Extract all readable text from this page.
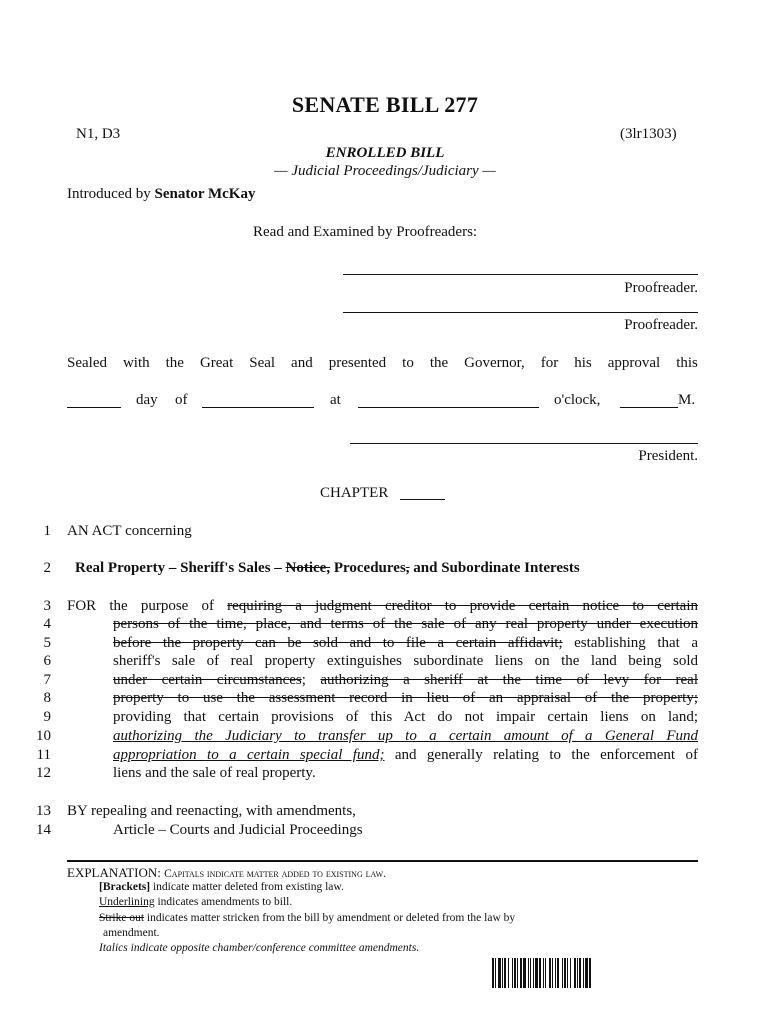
SENATE BILL 277
N1, D3	(3lr1303)
ENROLLED BILL
— Judicial Proceedings/Judiciary —
Introduced by Senator McKay
Read and Examined by Proofreaders:
Proofreader.
Proofreader.
Sealed with the Great Seal and presented to the Governor, for his approval this
day of	at	o'clock,	M.
President.
CHAPTER
1
2
3
4
5
6
7
8
9
10
11
12
13
14
AN ACT concerning
Real Property – Sheriff's Sales – Notice, Procedures, and Subordinate Interests
FOR the purpose of requiring a judgment creditor to provide certain notice to certain
persons of the time, place, and terms of the sale of any real property under execution
before the property can be sold and to file a certain affidavit; establishing that a
sheriff's sale of real property extinguishes subordinate liens on the land being sold
under certain circumstances; authorizing a sheriff at the time of levy for real
property to use the assessment record in lieu of an appraisal of the property;
providing that certain provisions of this Act do not impair certain liens on land;
authorizing the Judiciary to transfer up to a certain amount of a General Fund
appropriation to a certain special fund; and generally relating to the enforcement of
liens and the sale of real property.
BY repealing and reenacting, with amendments,
Article – Courts and Judicial Proceedings
EXPLANATION: Capitals indicate matter added to existing law.
[Brackets] indicate matter deleted from existing law.
Underlining indicates amendments to bill.
Strike out indicates matter stricken from the bill by amendment or deleted from the law by
amendment.
Italics indicate opposite chamber/conference committee amendments.
